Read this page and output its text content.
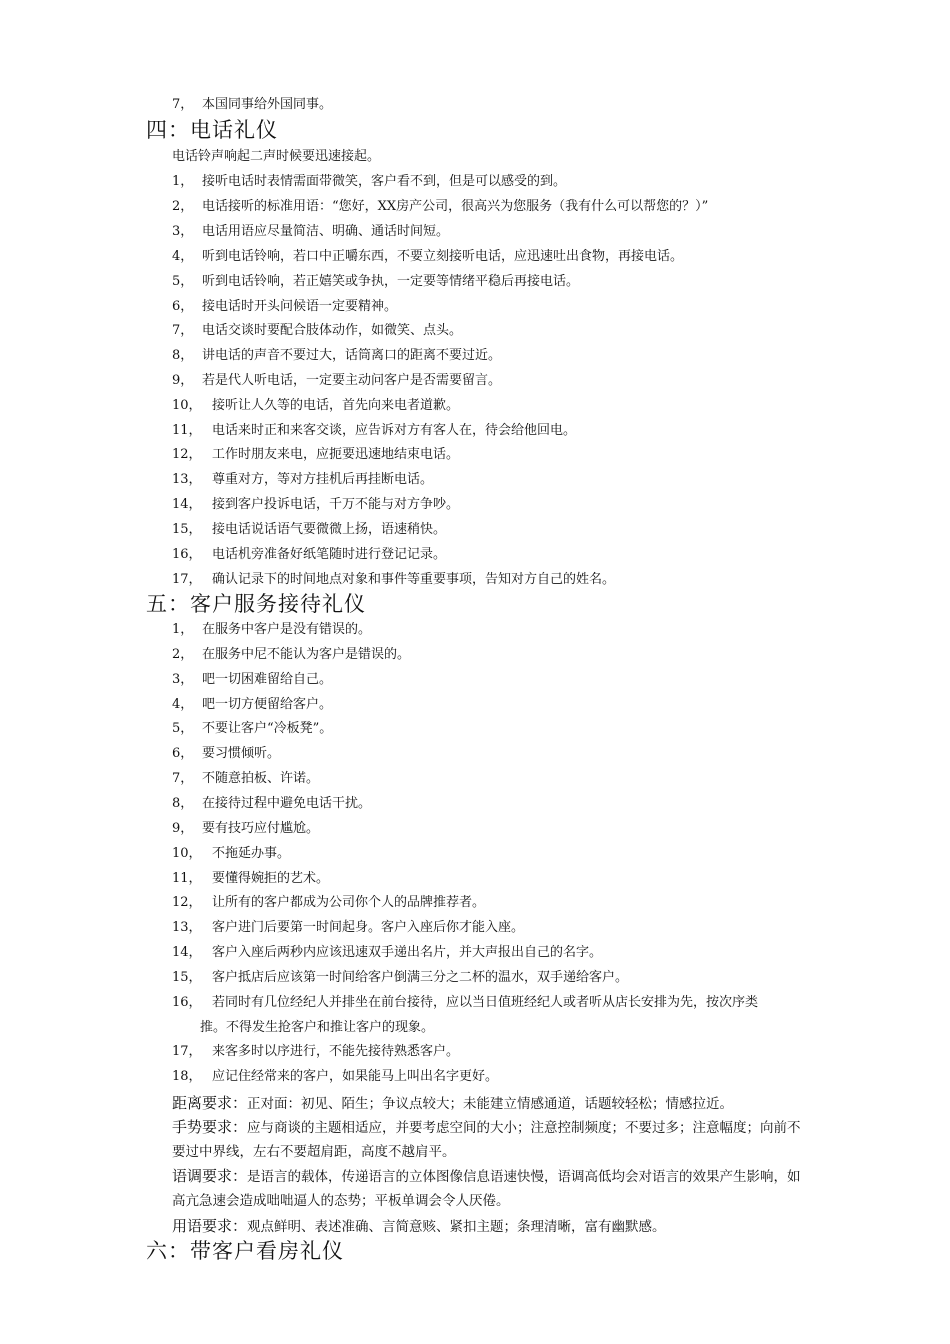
7， 本国同事给外国同事。
四：电话礼仪
电话铃声响起二声时候要迅速接起。
1， 接听电话时表情需面带微笑，客户看不到，但是可以感受的到。
2， 电话接听的标准用语：“您好，XX房产公司，很高兴为您服务（我有什么可以帮您的？）”
3， 电话用语应尽量简洁、明确、通话时间短。
4， 听到电话铃响，若口中正嚼东西，不要立刻接听电话，应迅速吐出食物，再接电话。
5， 听到电话铃响，若正嬉笑或争执，一定要等情绪平稳后再接电话。
6， 接电话时开头问候语一定要精神。
7， 电话交谈时要配合肢体动作，如微笑、点头。
8， 讲电话的声音不要过大，话筒离口的距离不要过近。
9， 若是代人听电话，一定要主动问客户是否需要留言。
10， 接听让人久等的电话，首先向来电者道歉。
11， 电话来时正和来客交谈，应告诉对方有客人在，待会给他回电。
12， 工作时朋友来电，应扼要迅速地结束电话。
13， 尊重对方，等对方挂机后再挂断电话。
14， 接到客户投诉电话，千万不能与对方争吵。
15， 接电话说话语气要微微上扬，语速稍快。
16， 电话机旁准备好纸笔随时进行登记记录。
17， 确认记录下的时间地点对象和事件等重要事项，告知对方自己的姓名。
五：客户服务接待礼仪
1， 在服务中客户是没有错误的。
2， 在服务中尼不能认为客户是错误的。
3， 吧一切困难留给自己。
4， 吧一切方便留给客户。
5， 不要让客户“冷板凳”。
6， 要习惯倾听。
7， 不随意拍板、许诺。
8， 在接待过程中避免电话干扰。
9， 要有技巧应付尴尬。
10， 不拖延办事。
11， 要懂得婉拒的艺术。
12， 让所有的客户都成为公司你个人的品牌推荐者。
13， 客户进门后要第一时间起身。客户入座后你才能入座。
14， 客户入座后两秒内应该迅速双手递出名片，并大声报出自己的名字。
15， 客户抵店后应该第一时间给客户倒满三分之二杯的温水，双手递给客户。
16， 若同时有几位经纪人并排坐在前台接待，应以当日值班经纪人或者听从店长安排为先，按次序类
推。不得发生抢客户和推让客户的现象。
17， 来客多时以序进行，不能先接待熟悉客户。
18， 应记住经常来的客户，如果能马上叫出名字更好。
距离要求：正对面：初见、陌生；争议点较大；未能建立情感通道，话题较轻松；情感拉近。
手势要求：应与商谈的主题相适应，并要考虑空间的大小；注意控制频度；不要过多；注意幅度；向前不要过中界线，左右不要超肩距，高度不越肩平。
语调要求：是语言的载体，传递语言的立体图像信息语速快慢，语调高低均会对语言的效果产生影响，如高亢急速会造成咄咄逼人的态势；平板单调会令人厌倦。
用语要求：观点鲜明、表述准确、言简意赅、紧扣主题；条理清晰，富有幽默感。
六：带客户看房礼仪
